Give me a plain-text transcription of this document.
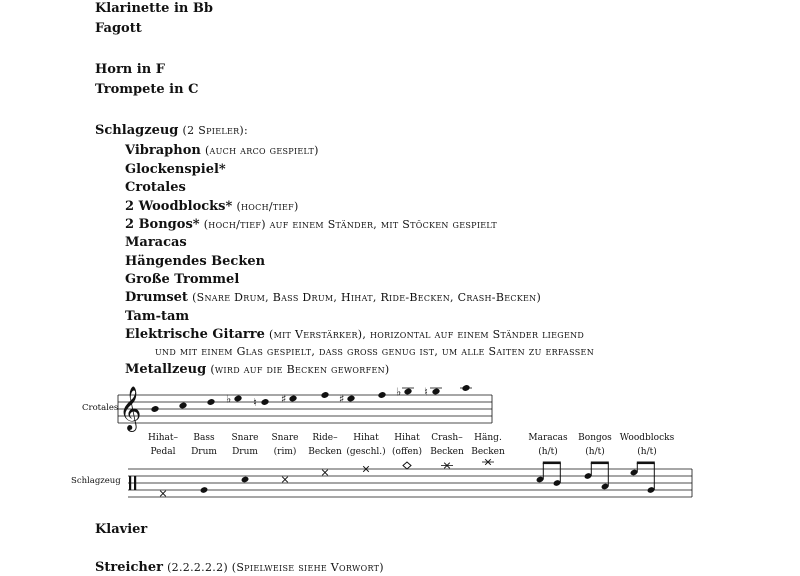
Klarinette in Bb
Fagott
Horn in F
Trompete in C
Schlagzeug (2 Spieler):
Vibraphon (auch arco gespielt)
Glockenspiel*
Crotales
2 Woodblocks* (hoch/tief)
2 Bongos* (hoch/tief) auf einem Ständer, mit Stöcken gespielt
Maracas
Hängendes Becken
Große Trommel
Drumset (Snare Drum, Bass Drum, Hihat, Ride-Becken, Crash-Becken)
Tam-tam
Elektrische Gitarre (mit Verstärker), horizontal auf einem Ständer liegend
und mit einem Glas gespielt, dass groß genug ist, um alle Saiten zu erfassen
Metallzeug (wird auf die Becken geworfen)
𝄞	♭ ♮ ♯	♯
♭ ♮
Crotales
Schlagzeug
Hihat–
Pedal
Bass
Drum
Snare
Drum
Snare
(rim)
Ride–
Becken
Hihat
(geschl.)
Hihat
(offen)
Crash–
Becken
Häng.
Becken
Maracas
(h/t)
Bongos
(h/t)
Woodblocks
(h/t)
Klavier
Streicher (2.2.2.2.2) (Spielweise siehe Vorwort)
